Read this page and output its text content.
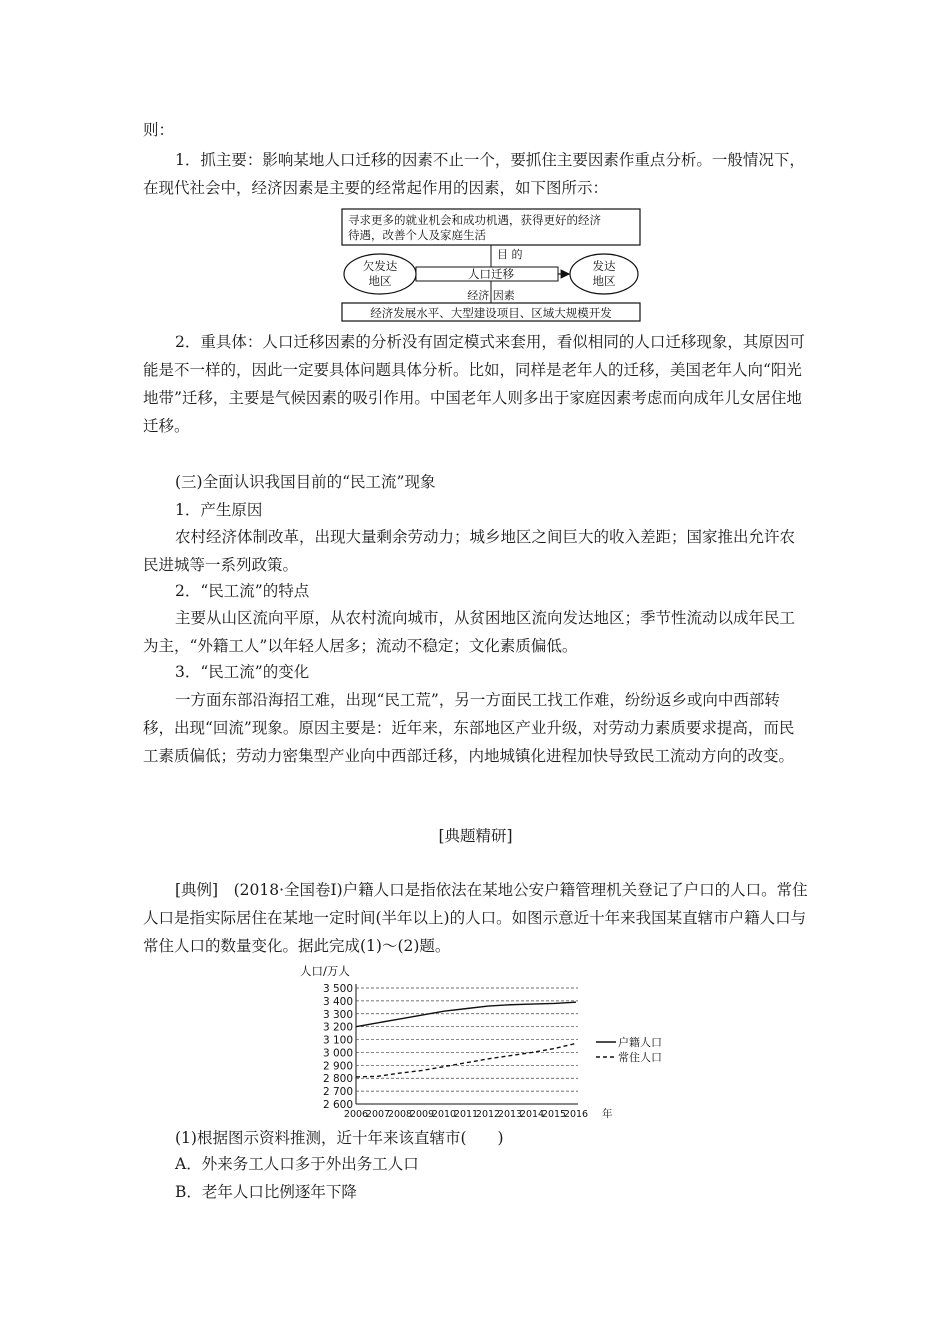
则：

1．抓主要：影响某地人口迁移的因素不止一个，要抓住主要因素作重点分析。一般情况下，在现代社会中，经济因素是主要的经常起作用的因素，如下图所示：

寻求更多的就业机会和成功机遇，获得更好的经济
待遇，改善个人及家庭生活
目 的
欠发达
地区
发达
地区
人口迁移
经济 因素
经济发展水平、大型建设项目、区域大规模开发

2．重具体：人口迁移因素的分析没有固定模式来套用，看似相同的人口迁移现象，其原因可能是不一样的，因此一定要具体问题具体分析。比如，同样是老年人的迁移，美国老年人向“阳光地带”迁移，主要是气候因素的吸引作用。中国老年人则多出于家庭因素考虑而向成年儿女居住地迁移。

(三)全面认识我国目前的“民工流”现象

1．产生原因

农村经济体制改革，出现大量剩余劳动力；城乡地区之间巨大的收入差距；国家推出允许农民进城等一系列政策。

2．“民工流”的特点

主要从山区流向平原，从农村流向城市，从贫困地区流向发达地区；季节性流动以成年民工为主，“外籍工人”以年轻人居多；流动不稳定；文化素质偏低。

3．“民工流”的变化

一方面东部沿海招工难，出现“民工荒”，另一方面民工找工作难，纷纷返乡或向中西部转移，出现“回流”现象。原因主要是：近年来，东部地区产业升级，对劳动力素质要求提高，而民工素质偏低；劳动力密集型产业向中西部迁移，内地城镇化进程加快导致民工流动方向的改变。

[典题精研]

[典例]　(2018·全国卷Ⅰ)户籍人口是指依法在某地公安户籍管理机关登记了户口的人口。常住人口是指实际居住在某地一定时间(半年以上)的人口。如图示意近十年来我国某直辖市户籍人口与常住人口的数量变化。据此完成(1)～(2)题。

人口/万人
3 500
3 400
3 300
3 200
3 100
3 000
2 900
2 800
2 700
2 600
2006
2007
2008
2009
2010
2011
2012
2013
2014
2015
2016
户籍人口
常住人口
年

(1)根据图示资料推测，近十年来该直辖市(　　)

A．外来务工人口多于外出务工人口

B．老年人口比例逐年下降
